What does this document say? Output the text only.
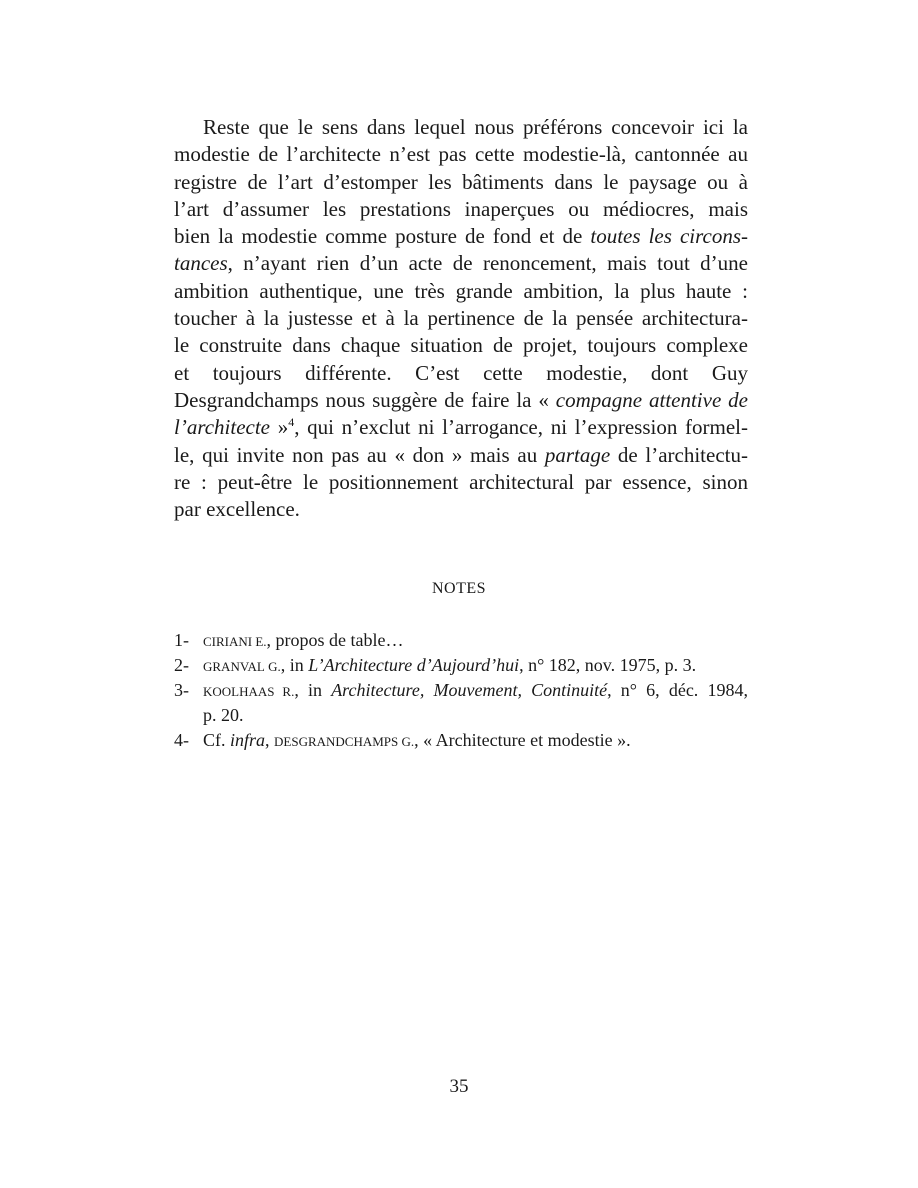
Reste que le sens dans lequel nous préférons concevoir ici la
modestie de l’architecte n’est pas cette modestie-là, cantonnée au
registre de l’art d’estomper les bâtiments dans le paysage ou à
l’art d’assumer les prestations inaperçues ou médiocres, mais
bien la modestie comme posture de fond et de toutes les circons-
tances, n’ayant rien d’un acte de renoncement, mais tout d’une
ambition authentique, une très grande ambition, la plus haute :
toucher à la justesse et à la pertinence de la pensée architectura-
le construite dans chaque situation de projet, toujours complexe
et toujours différente. C’est cette modestie, dont Guy
Desgrandchamps nous suggère de faire la « compagne attentive de
l’architecte »$^4$, qui n’exclut ni l’arrogance, ni l’expression formel-
le, qui invite non pas au « don » mais au partage de l’architectu-
re : peut-être le positionnement architectural par essence, sinon
par excellence.
NOTES
1- ciriani e., propos de table…
2- granval g., in L’Architecture d’Aujourd’hui, n° 182, nov. 1975, p. 3.
3- koolhaas r., in Architecture, Mouvement, Continuité, n° 6, déc. 1984,
p. 20.
4- Cf. infra, desgrandchamps g., « Architecture et modestie ».
35
